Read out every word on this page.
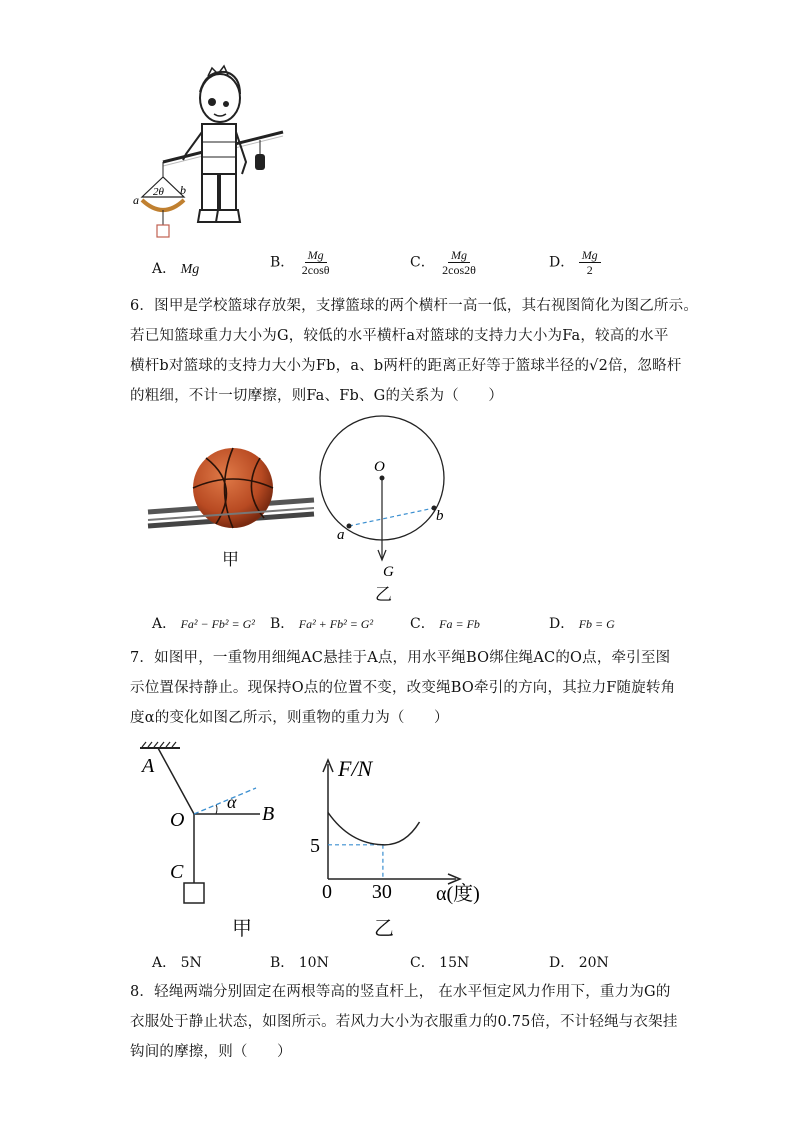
a
b
2θ
A． Mg	B． $\frac{Mg}{2\cos\theta}$	C． $\frac{Mg}{2\cos 2\theta}$	D． $\frac{Mg}{2}$
6．图甲是学校篮球存放架，支撑篮球的两个横杆一高一低，其右视图简化为图乙所示。
若已知篮球重力大小为G，较低的水平横杆a对篮球的支持力大小为Fa，较高的水平
横杆b对篮球的支持力大小为Fb，a、b两杆的距离正好等于篮球半径的√2倍，忽略杆
的粗细，不计一切摩擦，则Fa、Fb、G的关系为（　　）
甲
O
a
b
G
乙
A． Fa² − Fb² = G² B． Fa² + Fb² = G²	C． Fa = Fb	D． Fb = G
7．如图甲，一重物用细绳AC悬挂于A点，用水平绳BO绑住绳AC的O点，牵引至图
示位置保持静止。现保持O点的位置不变，改变绳BO牵引的方向，其拉力F随旋转角
度α的变化如图乙所示，则重物的重力为（　　）
A
O	B
C
α
甲
F/N
α(度)
0 30
5
乙
A． 5N	B． 10N	C． 15N	D． 20N
8．轻绳两端分别固定在两根等高的竖直杆上， 在水平恒定风力作用下，重力为G的
衣服处于静止状态，如图所示。若风力大小为衣服重力的0.75倍，不计轻绳与衣架挂
钩间的摩擦，则（　　）
